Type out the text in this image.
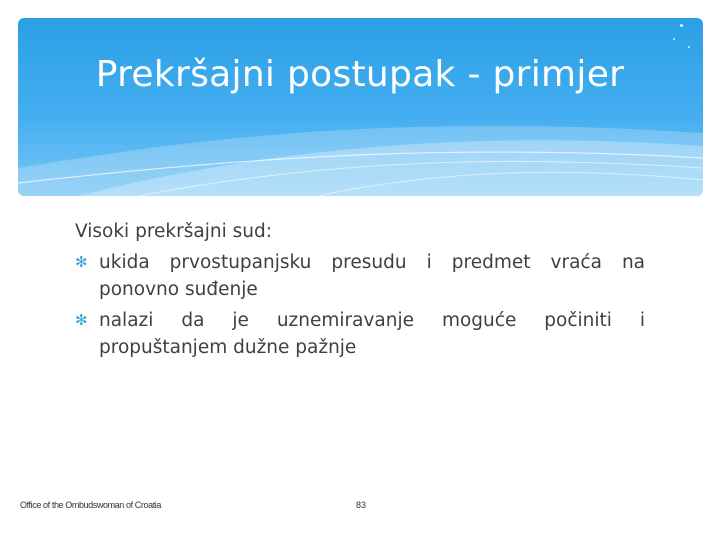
Prekršajni postupak - primjer
Visoki prekršajni sud:
✻ ukida prvostupanjsku presudu i predmet vraća na ponovno suđenje
✻ nalazi da je uznemiravanje moguće počiniti i propuštanjem dužne pažnje
Office of the Ombudswoman of Croatia	83
